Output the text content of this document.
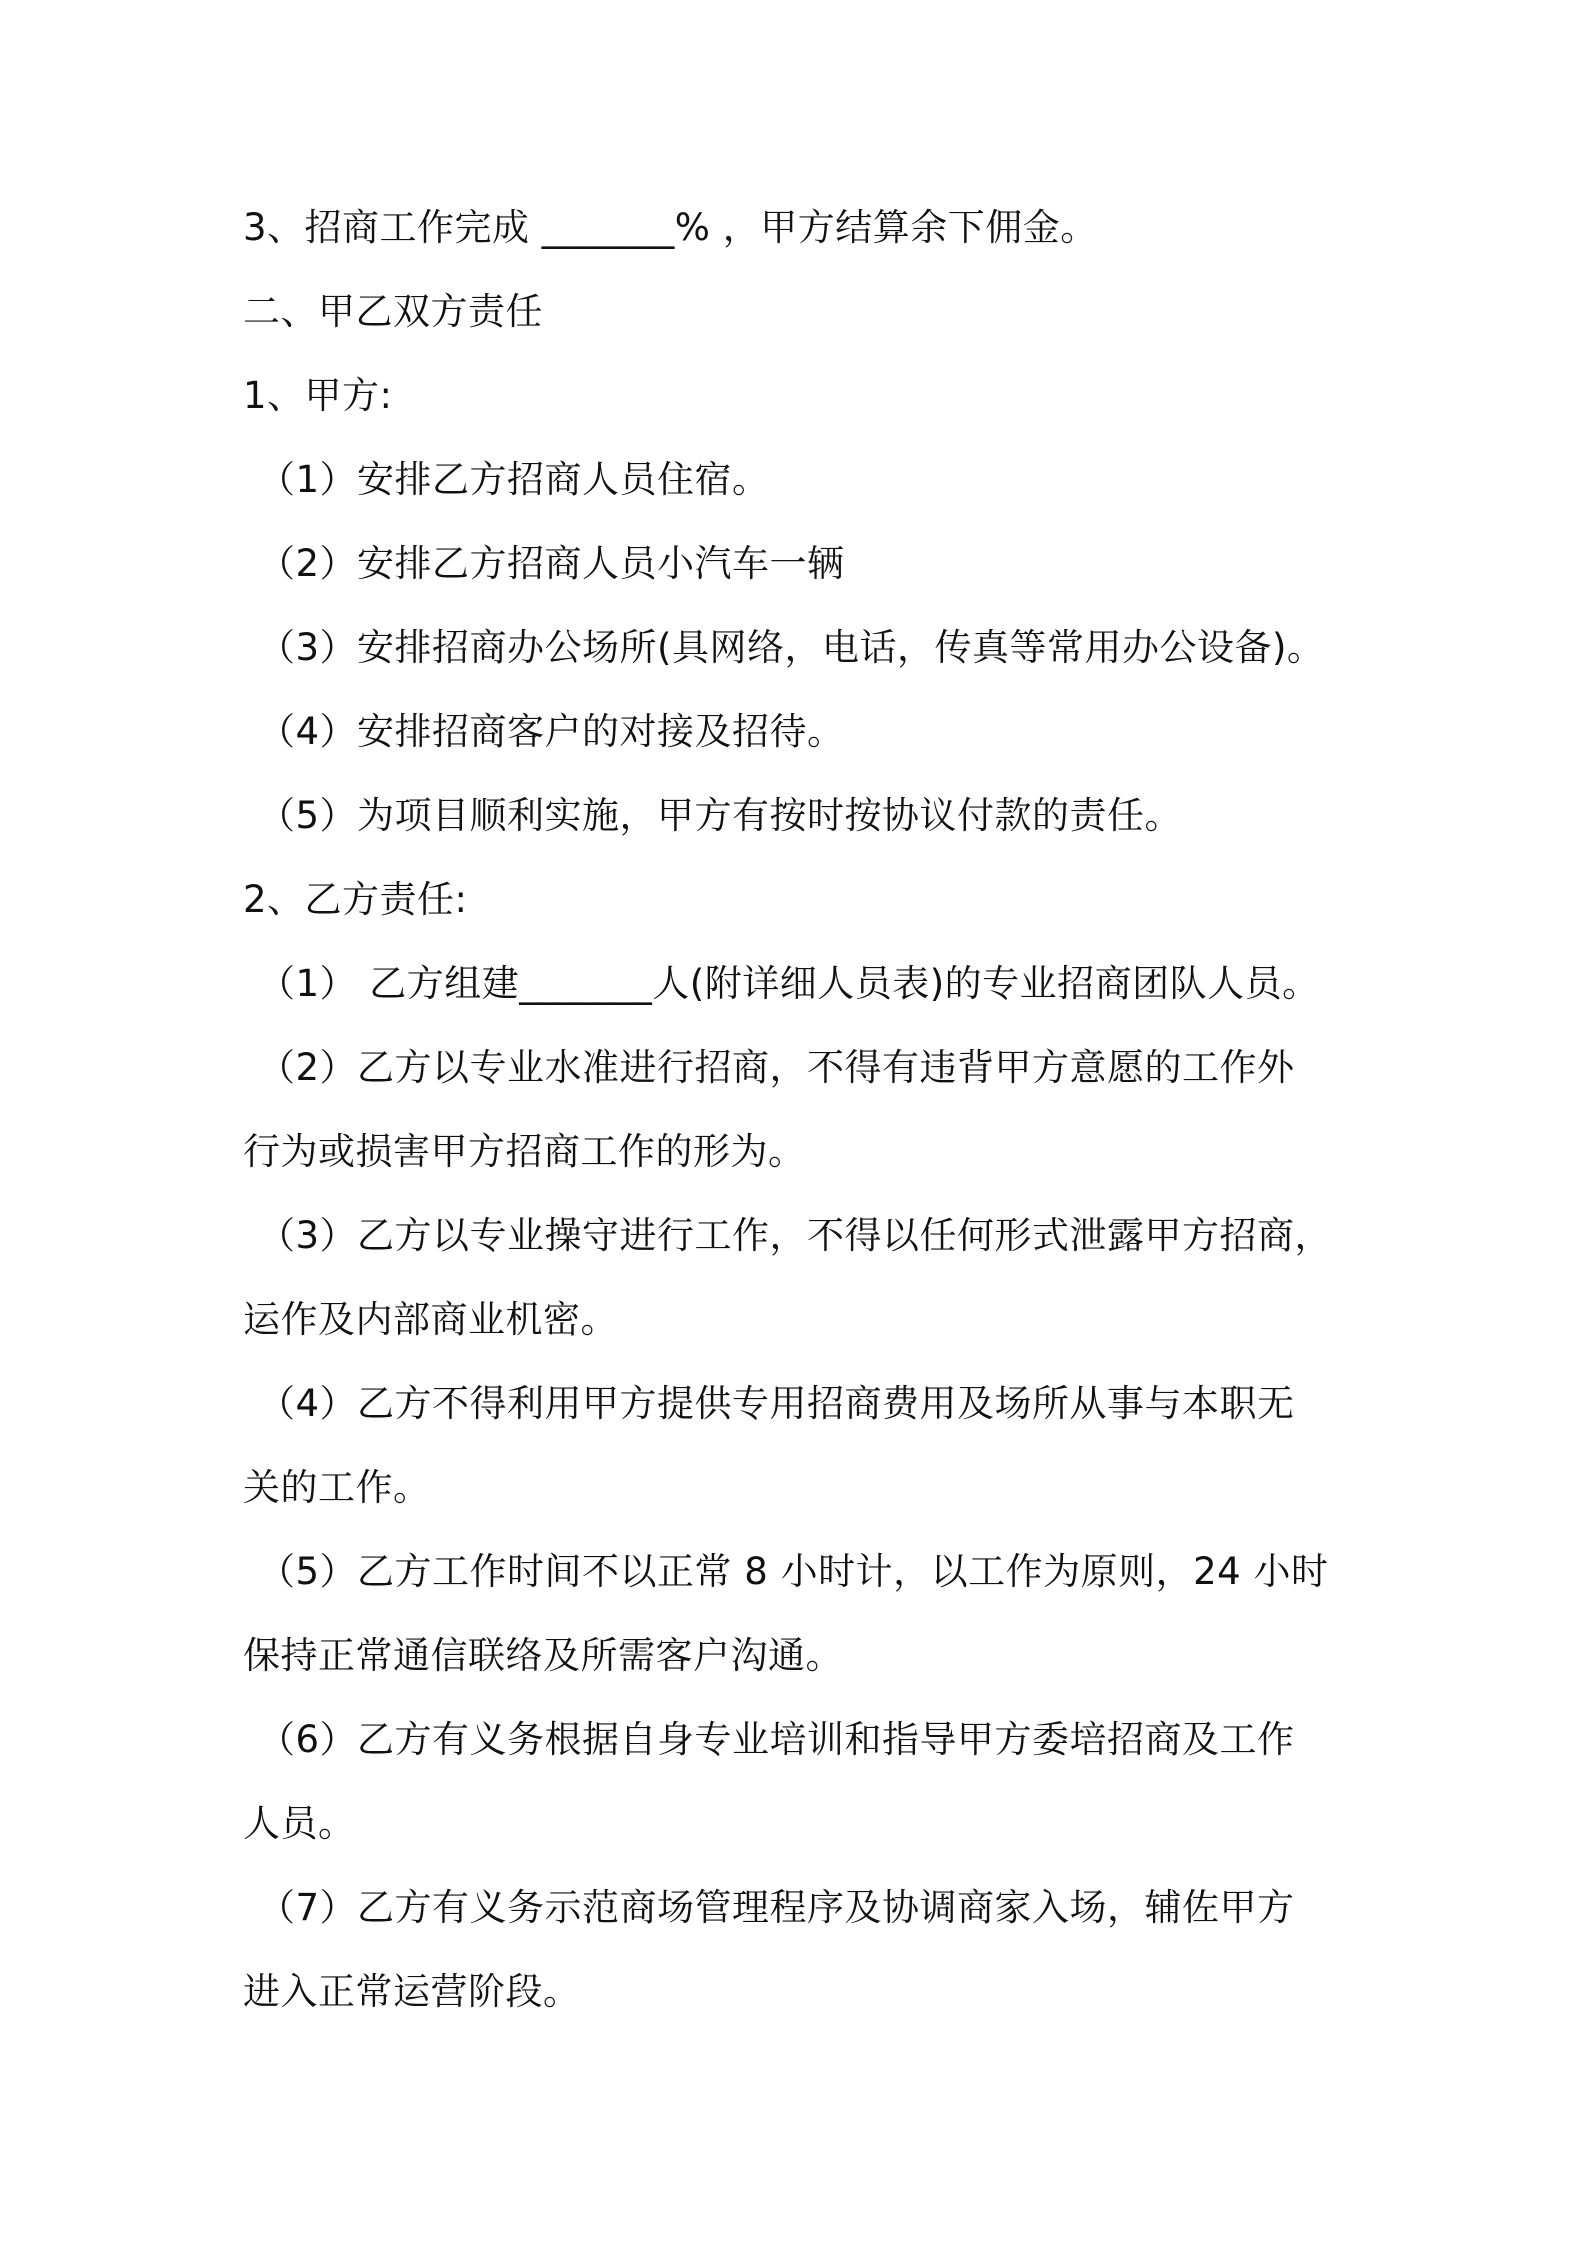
3、招商工作完成 _______% ，甲方结算余下佣金。
二、甲乙双方责任
1、甲方:
（1）安排乙方招商人员住宿。
（2）安排乙方招商人员小汽车一辆
（3）安排招商办公场所(具网络，电话，传真等常用办公设备)。
（4）安排招商客户的对接及招待。
（5）为项目顺利实施，甲方有按时按协议付款的责任。
2、乙方责任:
（1） 乙方组建_______人(附详细人员表)的专业招商团队人员。
（2）乙方以专业水准进行招商，不得有违背甲方意愿的工作外
行为或损害甲方招商工作的形为。
（3）乙方以专业操守进行工作，不得以任何形式泄露甲方招商，
运作及内部商业机密。
（4）乙方不得利用甲方提供专用招商费用及场所从事与本职无
关的工作。
（5）乙方工作时间不以正常 8 小时计，以工作为原则，24 小时
保持正常通信联络及所需客户沟通。
（6）乙方有义务根据自身专业培训和指导甲方委培招商及工作
人员。
（7）乙方有义务示范商场管理程序及协调商家入场，辅佐甲方
进入正常运营阶段。
